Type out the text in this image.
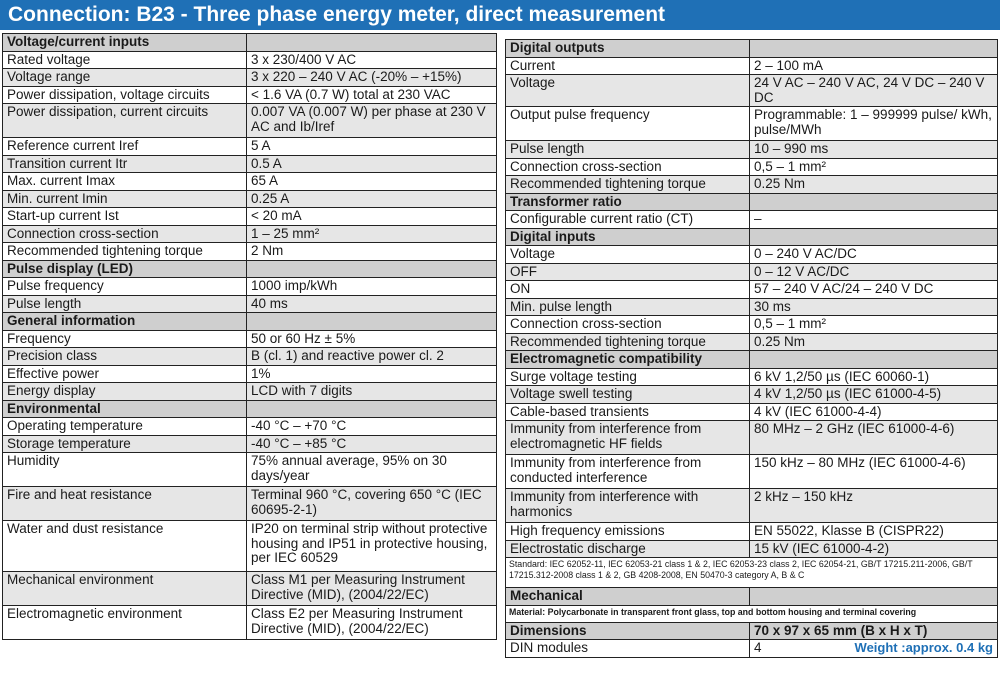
Connection: B23 - Three phase energy meter, direct measurement
Voltage/current inputs	
Rated voltage	3 x 230/400 V AC
Voltage range	3 x 220 – 240 V AC (-20% – +15%)
Power dissipation, voltage circuits	< 1.6 VA (0.7 W) total at 230 VAC
Power dissipation, current circuits	0.007 VA (0.007 W) per phase at 230 V AC and Ib/Iref
Reference current Iref	5 A
Transition current Itr	0.5 A
Max. current Imax	65 A
Min. current Imin	0.25 A
Start-up current Ist	< 20 mA
Connection cross-section	1 – 25 mm²
Recommended tightening torque	2 Nm
Pulse display (LED)	
Pulse frequency	1000 imp/kWh
Pulse length	40 ms
General information	
Frequency	50 or 60 Hz ± 5%
Precision class	B (cl. 1) and reactive power cl. 2
Effective power	1%
Energy display	LCD with 7 digits
Environmental	
Operating temperature	-40 °C – +70 °C
Storage temperature	-40 °C – +85 °C
Humidity	75% annual average, 95% on 30 days/year
Fire and heat resistance	Terminal 960 °C, covering 650 °C (IEC 60695-2-1)
Water and dust resistance	IP20 on terminal strip without protective housing and IP51 in protective housing, per IEC 60529
Mechanical environment	Class M1 per Measuring Instrument Directive (MID), (2004/22/EC)
Electromagnetic environment	Class E2 per Measuring Instrument Directive (MID), (2004/22/EC)
Digital outputs	
Current	2 – 100 mA
Voltage	24 V AC – 240 V AC, 24 V DC – 240 V DC
Output pulse frequency	Programmable: 1 – 999999 pulse/ kWh, pulse/MWh
Pulse length	10 – 990 ms
Connection cross-section	0,5 – 1 mm²
Recommended tightening torque	0.25 Nm
Transformer ratio	
Configurable current ratio (CT)	–
Digital inputs	
Voltage	0 – 240 V AC/DC
OFF	0 – 12 V AC/DC
ON	57 – 240 V AC/24 – 240 V DC
Min. pulse length	30 ms
Connection cross-section	0,5 – 1 mm²
Recommended tightening torque	0.25 Nm
Electromagnetic compatibility	
Surge voltage testing	6 kV 1,2/50 µs (IEC 60060-1)
Voltage swell testing	4 kV 1,2/50 µs (IEC 61000-4-5)
Cable-based transients	4 kV (IEC 61000-4-4)
Immunity from interference from electromagnetic HF fields	80 MHz – 2 GHz (IEC 61000-4-6)
Immunity from interference from conducted interference	150 kHz – 80 MHz (IEC 61000-4-6)
Immunity from interference with harmonics	2 kHz – 150 kHz
High frequency emissions	EN 55022, Klasse B (CISPR22)
Electrostatic discharge	15 kV (IEC 61000-4-2)
Standard: IEC 62052-11, IEC 62053-21 class 1 & 2, IEC 62053-23 class 2, IEC 62054-21, GB/T 17215.211-2006, GB/T 17215.312-2008 class 1 & 2, GB 4208-2008, EN 50470-3 category A, B & C	
Mechanical	
Material: Polycarbonate in transparent front glass, top and bottom housing and terminal covering	
Dimensions	70 x 97 x 65 mm (B x H x T)
DIN modules	4 Weight :approx. 0.4 kg
